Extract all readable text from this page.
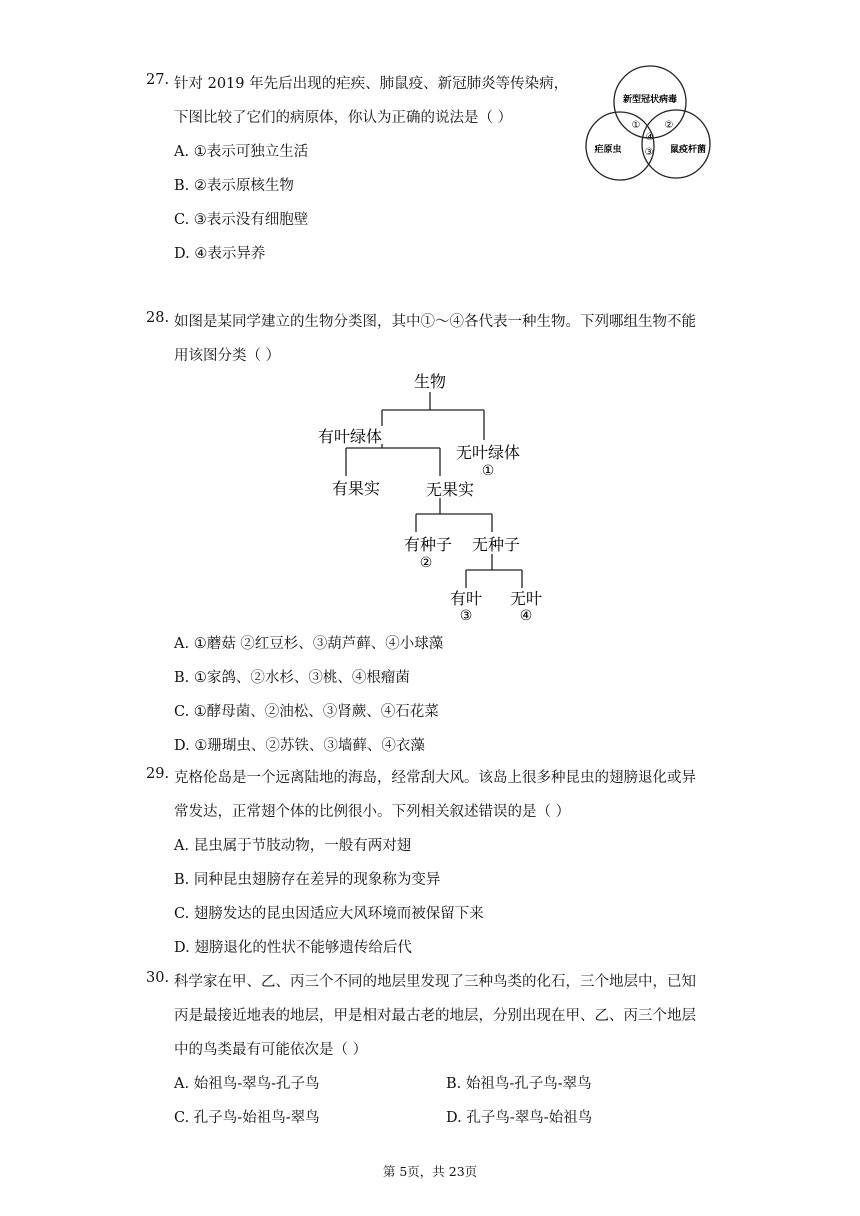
27. 针对 2019 年先后出现的疟疾、肺鼠疫、新冠肺炎等传染病，
下图比较了它们的病原体，你认为正确的说法是（ ）
A. ①表示可独立生活
B. ②表示原核生物
C. ③表示没有细胞壁
D. ④表示异养
新型冠状病毒
疟原虫	鼠疫杆菌
① ②
③
④
28. 如图是某同学建立的生物分类图，其中①～④各代表一种生物。下列哪组生物不能
用该图分类（ ）
生物
有叶绿体
无叶绿体
①
有果实	无果实
有种子
②
无种子
有叶
③
无叶
④
A. ①蘑菇 ②红豆杉、③葫芦藓、④小球藻
B. ①家鸽、②水杉、③桃、④根瘤菌
C. ①酵母菌、②油松、③肾蕨、④石花菜
D. ①珊瑚虫、②苏铁、③墙藓、④衣藻
29. 克格伦岛是一个远离陆地的海岛，经常刮大风。该岛上很多种昆虫的翅膀退化或异
常发达，正常翅个体的比例很小。下列相关叙述错误的是（ ）
A. 昆虫属于节肢动物，一般有两对翅
B. 同种昆虫翅膀存在差异的现象称为变异
C. 翅膀发达的昆虫因适应大风环境而被保留下来
D. 翅膀退化的性状不能够遗传给后代
30. 科学家在甲、乙、丙三个不同的地层里发现了三种鸟类的化石，三个地层中，已知
丙是最接近地表的地层，甲是相对最古老的地层，分别出现在甲、乙、丙三个地层
中的鸟类最有可能依次是（ ）
A. 始祖鸟-翠鸟-孔子鸟	B. 始祖鸟-孔子鸟-翠鸟
C. 孔子鸟-始祖鸟-翠鸟	D. 孔子鸟-翠鸟-始祖鸟
第 5页，共 23页
